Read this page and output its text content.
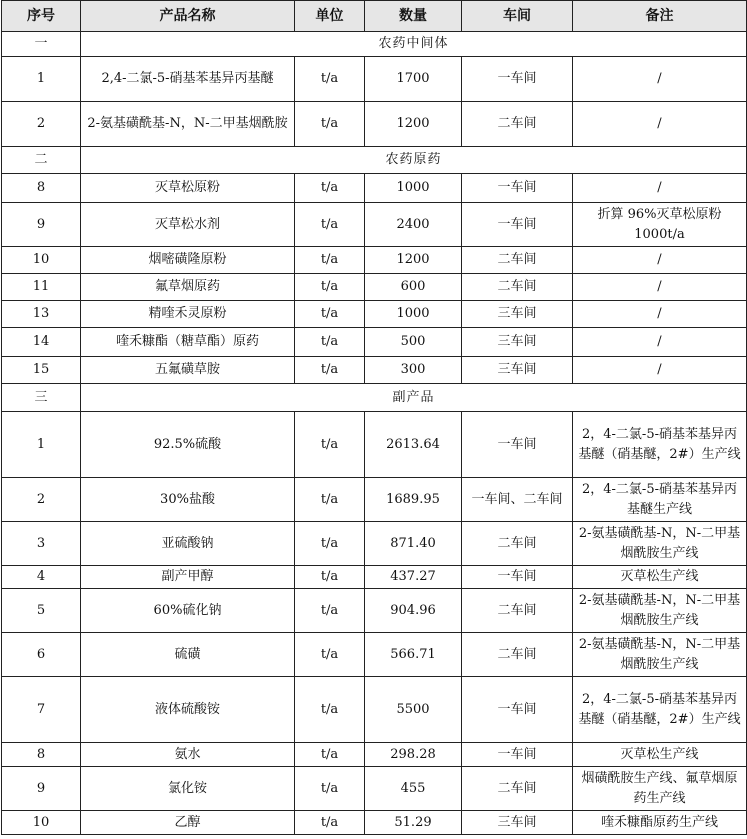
序号	产品名称	单位	数量	车间	备注
一	农药中间体				
1	2,4-二氯-5-硝基苯基异丙基醚	t/a	1700	一车间	/
2	2-氨基磺酰基-N，N-二甲基烟酰胺	t/a	1200	二车间	/
二	农药原药				
8	灭草松原粉	t/a	1000	一车间	/
9	灭草松水剂	t/a	2400	一车间	折算 96%灭草松原粉 1000t/a
10	烟嘧磺隆原粉	t/a	1200	二车间	/
11	氟草烟原药	t/a	600	二车间	/
13	精喹禾灵原粉	t/a	1000	三车间	/
14	喹禾糠酯（糖草酯）原药	t/a	500	三车间	/
15	五氟磺草胺	t/a	300	三车间	/
三	副产品				
1	92.5%硫酸	t/a	2613.64	一车间	2，4-二氯-5-硝基苯基异丙基醚（硝基醚，2#）生产线
2	30%盐酸	t/a	1689.95	一车间、二车间	2，4-二氯-5-硝基苯基异丙基醚生产线
3	亚硫酸钠	t/a	871.40	二车间	2-氨基磺酰基-N，N-二甲基烟酰胺生产线
4	副产甲醇	t/a	437.27	一车间	灭草松生产线
5	60%硫化钠	t/a	904.96	二车间	2-氨基磺酰基-N，N-二甲基烟酰胺生产线
6	硫磺	t/a	566.71	二车间	2-氨基磺酰基-N，N-二甲基烟酰胺生产线
7	液体硫酸铵	t/a	5500	一车间	2，4-二氯-5-硝基苯基异丙基醚（硝基醚，2#）生产线
8	氨水	t/a	298.28	一车间	灭草松生产线
9	氯化铵	t/a	455	二车间	烟磺酰胺生产线、氟草烟原药生产线
10	乙醇	t/a	51.29	三车间	喹禾糠酯原药生产线
